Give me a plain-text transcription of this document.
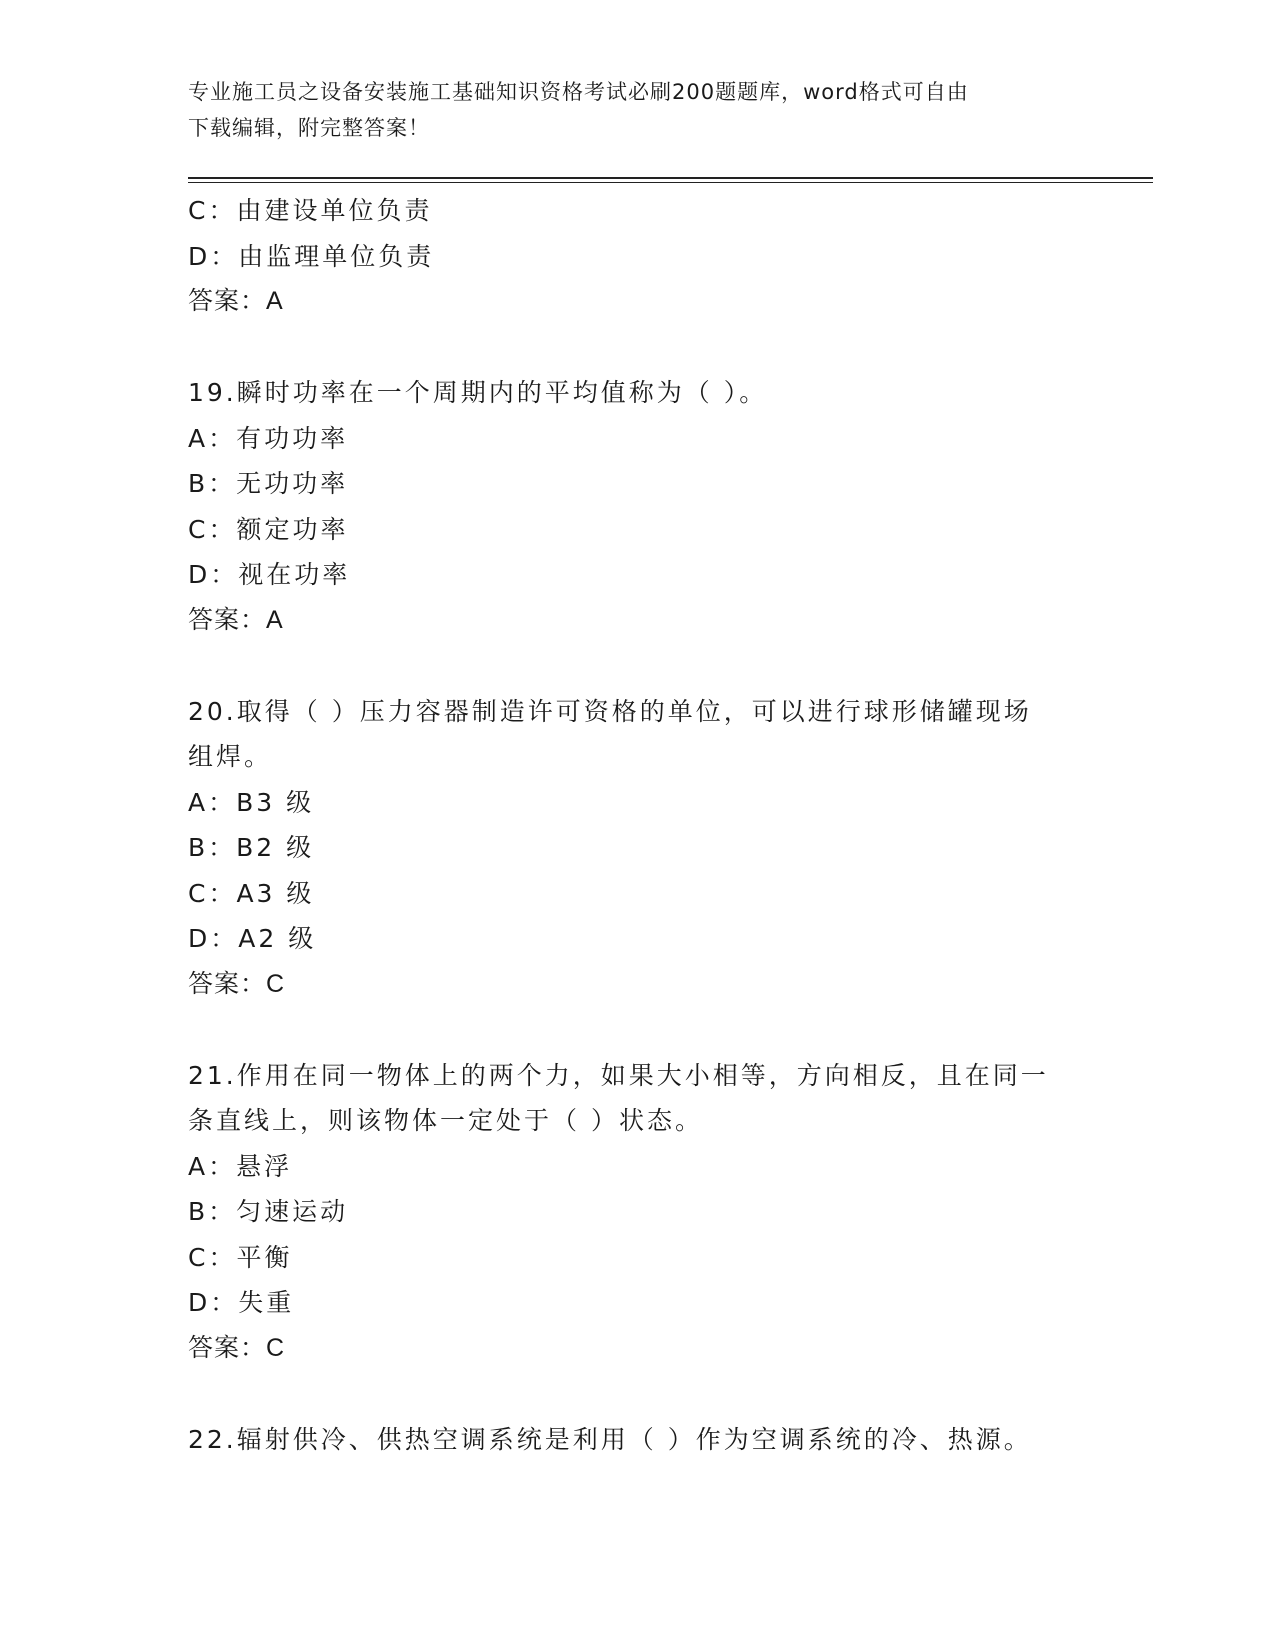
专业施工员之设备安装施工基础知识资格考试必刷200题题库，word格式可自由
下载编辑，附完整答案！
C：由建设单位负责
D：由监理单位负责
答案：A
19.瞬时功率在一个周期内的平均值称为（ ）。
A：有功功率
B：无功功率
C：额定功率
D：视在功率
答案：A
20.取得（ ）压力容器制造许可资格的单位，可以进行球形储罐现场
组焊。
A：B3 级
B：B2 级
C：A3 级
D：A2 级
答案：C
21.作用在同一物体上的两个力，如果大小相等，方向相反，且在同一
条直线上，则该物体一定处于（ ）状态。
A：悬浮
B：匀速运动
C：平衡
D：失重
答案：C
22.辐射供冷、供热空调系统是利用（ ）作为空调系统的冷、热源。
